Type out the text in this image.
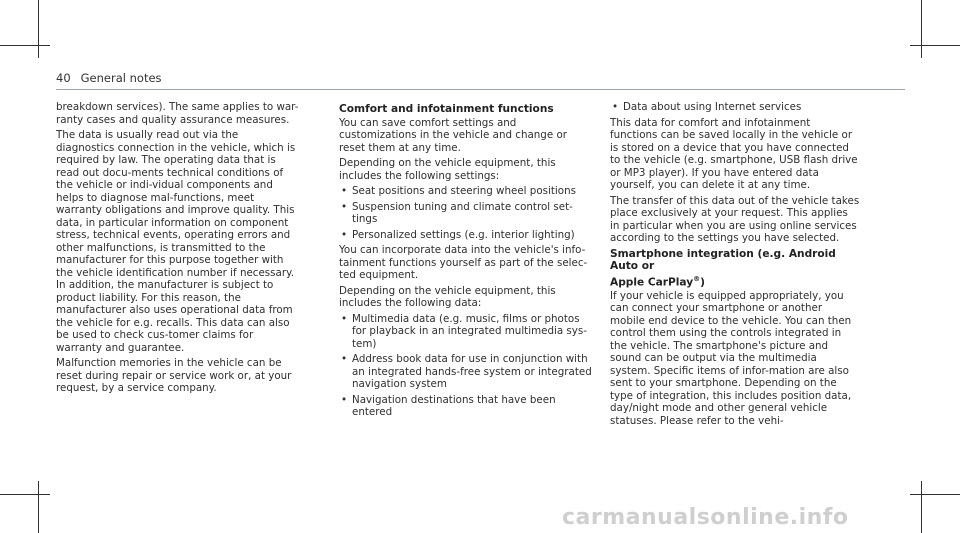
40 General notes

breakdown services). The same applies to war-ranty cases and quality assurance measures.

The data is usually read out via the diagnostics connection in the vehicle, which is required by law. The operating data that is read out docu-ments technical conditions of the vehicle or indi-vidual components and helps to diagnose mal-functions, meet warranty obligations and improve quality. This data, in particular information on component stress, technical events, operating errors and other malfunctions, is transmitted to the manufacturer for this purpose together with the vehicle identification number if necessary. In addition, the manufacturer is subject to product liability. For this reason, the manufacturer also uses operational data from the vehicle for e.g. recalls. This data can also be used to check cus-tomer claims for warranty and guarantee.

Malfunction memories in the vehicle can be reset during repair or service work or, at your request, by a service company.

Comfort and infotainment functions

You can save comfort settings and customizations in the vehicle and change or reset them at any time.

Depending on the vehicle equipment, this includes the following settings:

• Seat positions and steering wheel positions
• Suspension tuning and climate control set-tings
• Personalized settings (e.g. interior lighting)

You can incorporate data into the vehicle's info-tainment functions yourself as part of the selec-ted equipment.

Depending on the vehicle equipment, this includes the following data:

• Multimedia data (e.g. music, films or photos for playback in an integrated multimedia sys-tem)
• Address book data for use in conjunction with an integrated hands-free system or integrated navigation system
• Navigation destinations that have been entered
• Data about using Internet services

This data for comfort and infotainment functions can be saved locally in the vehicle or is stored on a device that you have connected to the vehicle (e.g. smartphone, USB flash drive or MP3 player). If you have entered data yourself, you can delete it at any time.

The transfer of this data out of the vehicle takes place exclusively at your request. This applies in particular when you are using online services according to the settings you have selected.

Smartphone integration (e.g. Android Auto or
Apple CarPlay®)

If your vehicle is equipped appropriately, you can connect your smartphone or another mobile end device to the vehicle. You can then control them using the controls integrated in the vehicle. The smartphone's picture and sound can be output via the multimedia system. Specific items of infor-mation are also sent to your smartphone. Depending on the type of integration, this includes position data, day/night mode and other general vehicle statuses. Please refer to the vehi-

carmanualsonline.info
